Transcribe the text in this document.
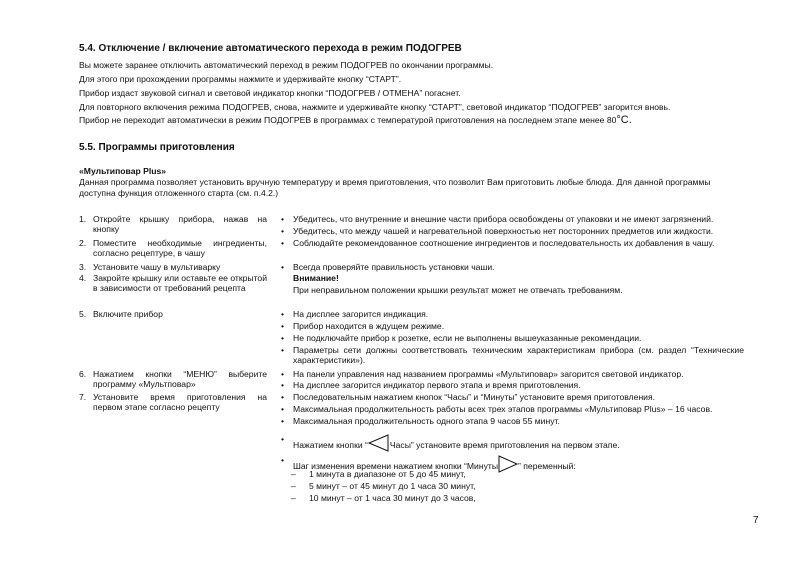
5.4. Отключение / включение автоматического перехода в режим ПОДОГРЕВ
Вы можете заранее отключить автоматический переход в режим ПОДОГРЕВ по окончании программы.
Для этого при прохождении программы нажмите и удерживайте кнопку “СТАРТ”.
Прибор издаст звуковой сигнал и световой индикатор кнопки “ПОДОГРЕВ / ОТМЕНА” погаснет.
Для повторного включения режима ПОДОГРЕВ, снова, нажмите и удерживайте кнопку “СТАРТ”, световой индикатор “ПОДОГРЕВ” загорится вновь.
Прибор не переходит автоматически в режим ПОДОГРЕВ в программах с температурой приготовления на последнем этапе менее 80°С.
5.5. Программы приготовления
«Мультиповар Plus»
Данная программа позволяет установить вручную температуру и время приготовления, что позволит Вам приготовить любые блюда. Для данной программы
доступна функция отложенного старта (см. п.4.2.)
1. Откройте крышку прибора, нажав на кнопку
2. Поместите необходимые ингредиенты, согласно рецептуре, в чашу
3. Установите чашу в мультиварку
4. Закройте крышку или оставьте ее открытой в зависимости от требований рецепта
5. Включите прибор
6. Нажатием кнопки “МЕНЮ” выберите программу «Мультповар»
7. Установите время приготовления на первом этапе согласно рецепту
• Убедитесь, что внутренние и внешние части прибора освобождены от упаковки и не имеют загрязнений.
• Убедитесь, что между чашей и нагревательной поверхностью нет посторонних предметов или жидкости.
• Соблюдайте рекомендованное соотношение ингредиентов и последовательность их добавления в чашу.
• Всегда проверяйте правильность установки чаши.
Внимание!
При неправильном положении крышки результат может не отвечать требованиям.
• На дисплее загорится индикация.
• Прибор находится в ждущем режиме.
• Не подключайте прибор к розетке, если не выполнены вышеуказанные рекомендации.
• Параметры сети должны соответствовать техническим характеристикам прибора (см. раздел “Технические характеристики»).
• На панели управления над названием программы «Мультиповар» загорится световой индикатор.
• На дисплее загорится индикатор первого этапа и время приготовления.
• Последовательным нажатием кнопок “Часы” и “Минуты” установите время приготовления.
• Максимальная продолжительность работы всех трех этапов программы «Мультиповар Plus» – 16 часов.
• Максимальная продолжительность одного этапа 9 часов 55 минут.
•
Нажатием кнопки “	Часы” установите время приготовления на первом этапе.
•
Шаг изменения времени нажатием кнопки “Минуты ” переменный:
– 1 минута в диапазоне от 5 до 45 минут,
– 5 минут – от 45 минут до 1 часа 30 минут,
– 10 минут – от 1 часа 30 минут до 3 часов,
7
